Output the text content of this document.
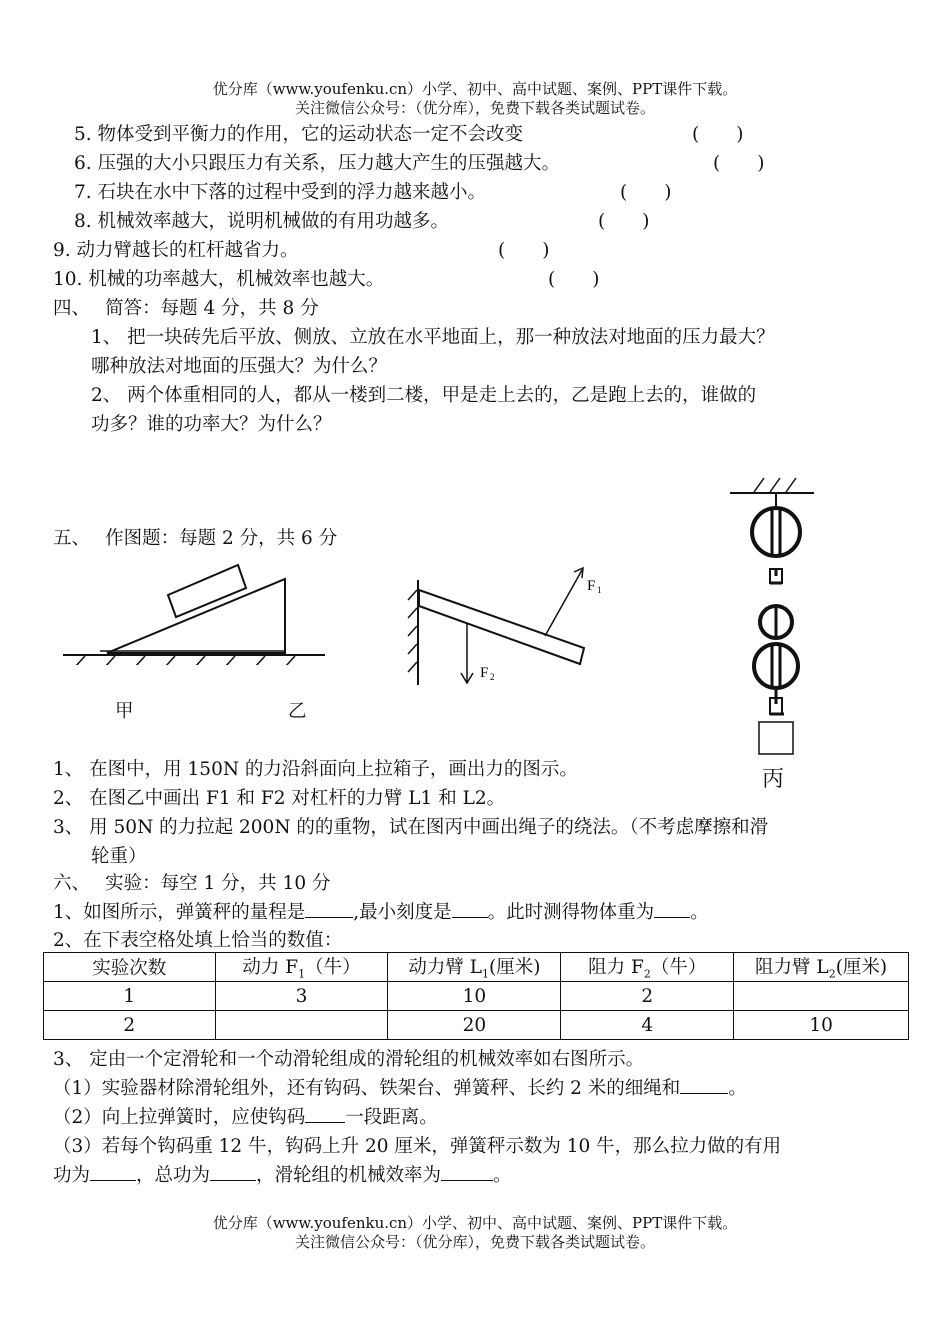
优分库（www.youfenku.cn）小学、初中、高中试题、案例、PPT课件下载。
关注微信公众号：（优分库），免费下载各类试题试卷。
5. 物体受到平衡力的作用，它的运动状态一定不会改变	(　　)
6. 压强的大小只跟压力有关系，压力越大产生的压强越大。	(　　)
7. 石块在水中下落的过程中受到的浮力越来越小。	(　　)
8. 机械效率越大，说明机械做的有用功越多。	(　　)
9. 动力臂越长的杠杆越省力。	(　　)
10. 机械的功率越大，机械效率也越大。	(　　)
四、　 简答：每题 4 分，共 8 分
1、 把一块砖先后平放、侧放、立放在水平地面上，那一种放法对地面的压力最大？
哪种放法对地面的压强大？为什么？
2、 两个体重相同的人，都从一楼到二楼，甲是走上去的，乙是跑上去的，谁做的
功多？谁的功率大？为什么？
五、　 作图题：每题 2 分，共 6 分
甲
F 1
F 2
乙
丙
1、 在图中，用 150N 的力沿斜面向上拉箱子，画出力的图示。
2、 在图乙中画出 F1 和 F2 对杠杆的力臂 L1 和 L2。
3、 用 50N 的力拉起 200N 的的重物，试在图丙中画出绳子的绕法。（不考虑摩擦和滑
轮重）
六、　 实验：每空 1 分，共 10 分
1、如图所示，弹簧秤的量程是	,最小刻度是 。此时测得物体重为 。
2、在下表空格处填上恰当的数值：
实验次数	动力 $F_1$（牛）	动力臂 $L_1$(厘米)	阻力 $F_2$（牛）	阻力臂 $L_2$(厘米)
1	3	10	2	
2		20	4	10
3、 定由一个定滑轮和一个动滑轮组成的滑轮组的机械效率如右图所示。
（1）实验器材除滑轮组外，还有钩码、铁架台、弹簧秤、长约 2 米的细绳和	。
（2）向上拉弹簧时，应使钩码 一段距离。
（3）若每个钩码重 12 牛，钩码上升 20 厘米，弹簧秤示数为 10 牛，那么拉力做的有用
功为 ，总功为 ，滑轮组的机械效率为	。
优分库（www.youfenku.cn）小学、初中、高中试题、案例、PPT课件下载。
关注微信公众号：（优分库），免费下载各类试题试卷。
